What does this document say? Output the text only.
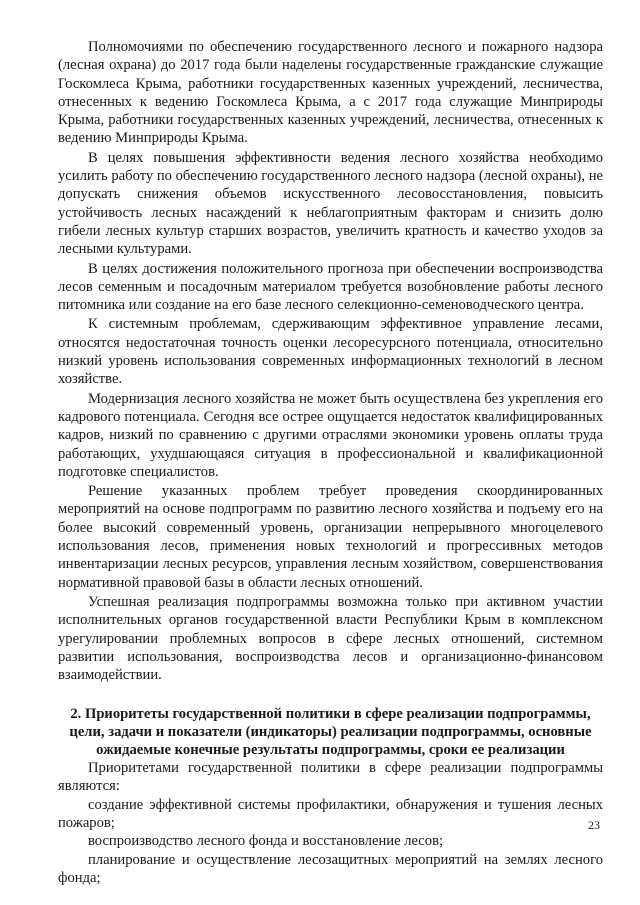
Полномочиями по обеспечению государственного лесного и пожарного надзора (лесная охрана) до 2017 года были наделены государственные гражданские служащие Госкомлеса Крыма, работники государственных казенных учреждений, лесничества, отнесенных к ведению Госкомлеса Крыма, а с 2017 года служащие Минприроды Крыма, работники государственных казенных учреждений, лесничества, отнесенных к ведению Минприроды Крыма.

В целях повышения эффективности ведения лесного хозяйства необходимо усилить работу по обеспечению государственного лесного надзора (лесной охраны), не допускать снижения объемов искусственного лесовосстановления, повысить устойчивость лесных насаждений к неблагоприятным факторам и снизить долю гибели лесных культур старших возрастов, увеличить кратность и качество уходов за лесными культурами.

В целях достижения положительного прогноза при обеспечении воспроизводства лесов семенным и посадочным материалом требуется возобновление работы лесного питомника или создание на его базе лесного селекционно-семеноводческого центра.

К системным проблемам, сдерживающим эффективное управление лесами, относятся недостаточная точность оценки лесоресурсного потенциала, относительно низкий уровень использования современных информационных технологий в лесном хозяйстве.

Модернизация лесного хозяйства не может быть осуществлена без укрепления его кадрового потенциала. Сегодня все острее ощущается недостаток квалифицированных кадров, низкий по сравнению с другими отраслями экономики уровень оплаты труда работающих, ухудшающаяся ситуация в профессиональной и квалификационной подготовке специалистов.

Решение указанных проблем требует проведения скоординированных мероприятий на основе подпрограмм по развитию лесного хозяйства и подъему его на более высокий современный уровень, организации непрерывного многоцелевого использования лесов, применения новых технологий и прогрессивных методов инвентаризации лесных ресурсов, управления лесным хозяйством, совершенствования нормативной правовой базы в области лесных отношений.

Успешная реализация подпрограммы возможна только при активном участии исполнительных органов государственной власти Республики Крым в комплексном урегулировании проблемных вопросов в сфере лесных отношений, системном развитии использования, воспроизводства лесов и организационно-финансовом взаимодействии.

2. Приоритеты государственной политики в сфере реализации подпрограммы,
цели, задачи и показатели (индикаторы) реализации подпрограммы, основные
ожидаемые конечные результаты подпрограммы, сроки ее реализации

Приоритетами государственной политики в сфере реализации подпрограммы являются:

создание эффективной системы профилактики, обнаружения и тушения лесных пожаров;

воспроизводство лесного фонда и восстановление лесов;

планирование и осуществление лесозащитных мероприятий на землях лесного фонда;

23
